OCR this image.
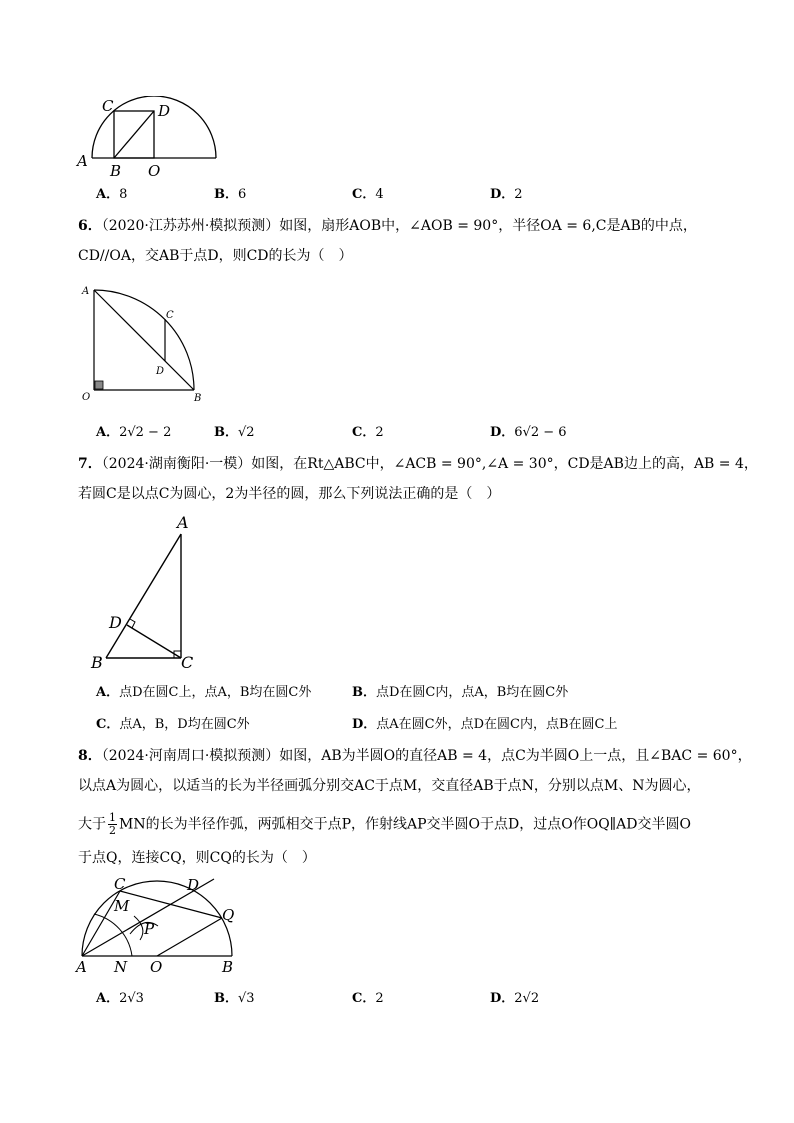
C	D
A
B O
A．8	B．6	C．4	D．2
6．（2020·江苏苏州·模拟预测）如图，扇形AOB中，∠AOB = 90°，半径OA = 6,C是AB的中点，
CD//OA，交AB于点D，则CD的长为（　）
A
C
D
O	B
A．2√2 − 2	B．√2	C．2	D．6√2 − 6
7．（2024·湖南衡阳·一模）如图，在Rt△ABC中，∠ACB = 90°,∠A = 30°，CD是AB边上的高，AB = 4，
若圆C是以点C为圆心，2为半径的圆，那么下列说法正确的是（　）
A
D
B	C
A．点D在圆C上，点A，B均在圆C外	B．点D在圆C内，点A，B均在圆C外
C．点A，B，D均在圆C外	D．点A在圆C外，点D在圆C内，点B在圆C上
8．（2024·河南周口·模拟预测）如图，AB为半圆O的直径AB = 4，点C为半圆O上一点，且∠BAC = 60°，
以点A为圆心，以适当的长为半径画弧分别交AC于点M，交直径AB于点N，分别以点M、N为圆心，
大于 $\frac{1}{2}$ MN的长为半径作弧，两弧相交于点P，作射线AP交半圆O于点D，过点O作OQ∥AD交半圆O
于点Q，连接CQ，则CQ的长为（　）
C	D
M
P
Q
A N O	B
A．2√3	B．√3	C．2	D．2√2
